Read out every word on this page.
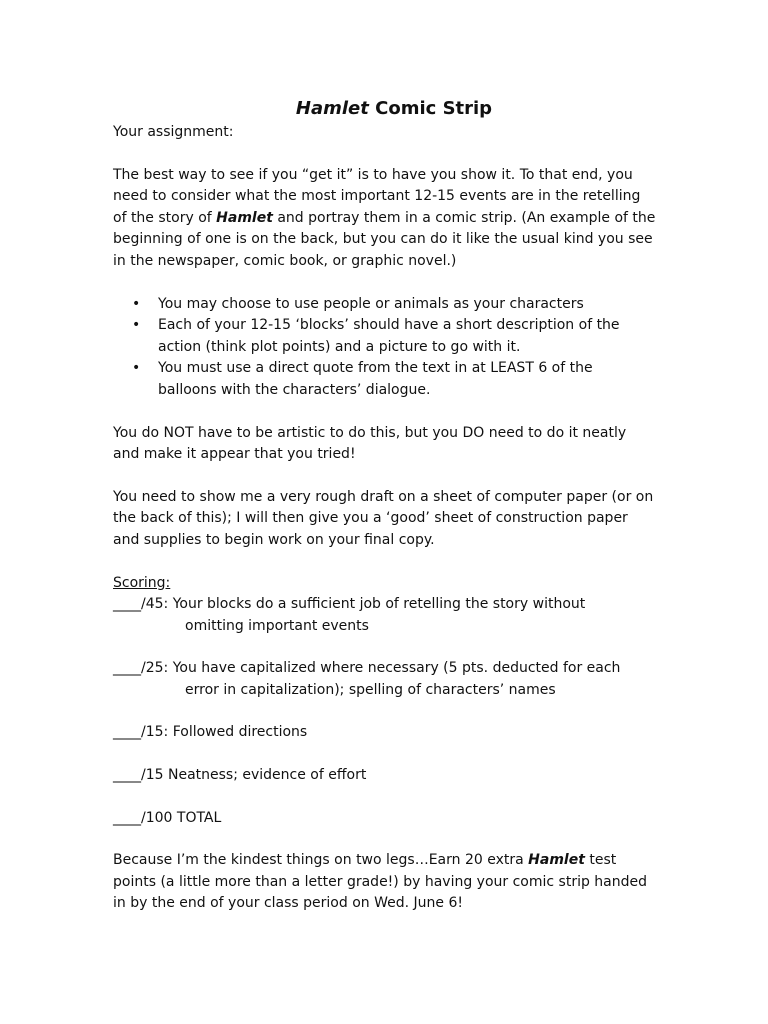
Hamlet Comic Strip

Your assignment:

The best way to see if you “get it” is to have you show it. To that end, you

need to consider what the most important 12-15 events are in the retelling

of the story of Hamlet and portray them in a comic strip. (An example of the

beginning of one is on the back, but you can do it like the usual kind you see

in the newspaper, comic book, or graphic novel.)

• You may choose to use people or animals as your characters
• Each of your 12-15 ‘blocks’ should have a short description of the
action (think plot points) and a picture to go with it.
• You must use a direct quote from the text in at LEAST 6 of the
balloons with the characters’ dialogue.

You do NOT have to be artistic to do this, but you DO need to do it neatly

and make it appear that you tried!

You need to show me a very rough draft on a sheet of computer paper (or on

the back of this); I will then give you a ‘good’ sheet of construction paper

and supplies to begin work on your final copy.

Scoring:

____/45: Your blocks do a sufficient job of retelling the story without
omitting important events
____/25: You have capitalized where necessary (5 pts. deducted for each
error in capitalization); spelling of characters’ names
____/15: Followed directions
____/15 Neatness; evidence of effort
____/100 TOTAL

Because I’m the kindest things on two legs…Earn 20 extra Hamlet test

points (a little more than a letter grade!) by having your comic strip handed

in by the end of your class period on Wed. June 6!
